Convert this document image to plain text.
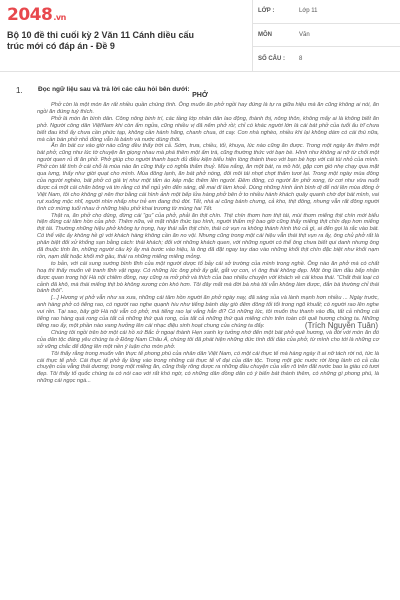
2048.vn
Bộ 10 đề thi cuối kỳ 2 Văn 11 Cánh diều cấu trúc mới có đáp án - Đề 9
LỚP :	Lớp 11
MÔN	Văn
SỐ CÂU :	8
1. Đọc ngữ liệu sau và trả lời các câu hỏi bên dưới:
PHỞ

Phở còn là một món ăn rất nhiều quần chúng tính. Ông muốn ăn phở ngồi hay đứng là tự ra giữa hiệu mà ăn cũng không ai nói, ăn ngồi ăn đứng tuỳ thích.

Phở là món ăn bình dân. Công nông binh trí, các tầng lớp nhân dân lao động, thành thị, nông thôn, không mấy ai là không biết ăn phở. Người công dân ViệtNam khi còn ẩm ngửa, cũng nhiều vị đã nếm phở rồi; chỉ có khác người lớn là cái bát phở của tuổi ấu trĩ chưa biết đau khổ ấy chưa cần phức tạp, không cần hành hăng, chanh chua, ớt cay. Con nhà nghèo, nhiều khi lại không dám có cái thú nữa, mà cần bán phở nhỏ đồng vẫn là bánh và nước dùng thôi.

Ăn ăn bát cư vào giờ nào cũng đều thấy trời cả. Sớm, trưa, chiều, tối, khuya, lúc nào cũng ăn được. Trong một ngày ăn thêm một bát phở, cũng như lúc tờ chuyện ăn giọng nhau mà phá thêm một ấm trà, cũng thường thức với bạn bè. Hình như không ai nỡ từ chối một người quen rủ đi ăn phở. Phở giúp cho người thanh bạch đủ điều kiện biểu hiện lòng thành theo với bạn bè hợp với cái túi nhỏ của mình. Phở còn tất tình ở cái chỗ là mùa nào ăn cũng thấy có nghĩa thấm thuỷ. Mùa nắng, ăn một bát, ra mồ hôi, gặp cơn gió nhẹ chạy qua mặt qua lưng, thấy như giời quạt cho mình. Mùa đông lạnh, ăn bát phở nóng, đôi môi tái nhợt chợt thấm tươi lại. Trong một ngày mùa đông của người nghèo, bát phở có giá trị như một tấm áo kép mặc thêm lên người. Đêm đông, có người ăn phở xong, từ cơi như vừa nuốt được cả một cái chăn bông và tin rằng có thể ngủ yên đến sáng, dễ mai đi làm khoẻ. Dùng những hình ảnh bình dị để nói lên mùa đông ở Việt Nam, tôi cho không gì nên thơ bằng cái hình ảnh một bếp lửa hàng phở bên ở to nhiều hành khách quây quanh chờ đợi bát mình, vai rụt xuống mộc nhĩ, người nhìn nhấp như trẻ em đang thú đời. Tết, nhà ai cũng bánh chưng, cả kho, thịt đông, nhưng vẫn rất đông người tình cờ mừng tuổi nhau ở những hiệu phở khai trương từ mùng hai Tết.

Thật ra, ăn phở cho đúng, đừng cái “gu” của phở, phải ăn thịt chín. Thịt chín thơm hơn thịt tái, mùi thơm miếng thịt chín mới biểu hiện đúng cái tâm hồn của phở. Thêm nữa, về mặt nhận thức tạo hình, người thẩm mỹ bao giờ cũng thấy miếng thịt chín đẹp hơn miếng thịt tái. Thường những hiệu phở không tự trọng, hay thái sẵn thịt chín, thái cứ vụn ra không thành hình thù cả gì, ai đến gọi là rắc vào bát. Có thể việc ấy không hề gì với khách hàng không cần ăn no vội. Nhưng cũng trong một cái hiệu vẫn thái thịt vụn ra ấy, ông chủ phở rất là phân biệt đối xử khổng sạn bằng cách: thái khách; đối với những khách quen, với những người có thể ông chưa biết qui danh nhưng ông đã thuộc tính ăn, những người câu kỳ ấy mà bước vào hiệu, là ông đã đặt ngay tay dao vào những khối thịt chín đặc biệt như khối nạm rồn, nạm dắt hoặc khối mỡ gầu, thái ra những miếng miếng mỏng.

to bản, với cái sung sướng bình tĩnh của một người dược tổ bảy cái sở trường của mình trong nghề. Ông nào ăn phở mà có chất hoạ thì thấy muốn vẽ tranh tĩnh vật ngay. Có những lúc ông phở ấy gắt, gắt vợ con, vì ông thái không đẹp. Một ông làm đầu bếp nhận được quan trong hội Hà nội chiêm đồng, nay cũng ra mở phở và thích của bao nhiêu chuyện với khách về cái khoa thái. “Chất thái loại có cảnh đã khô, mà thái miếng thịt bò không xương còn khó hơn. Tôi đây mất mà đời bà nhà tôi vẫn không làm được, đắn bà thường chỉ thái bánh thôi”.

[...] Hương vị phở vẫn như xa xưa, những cái tâm hồn người ăn phở ngày nay, đã sáng sủa và lành mạnh hơn nhiều ... Ngày trước, anh hàng phở có tiếng rao, có người rao nghe quạnh hiu như tiếng bánh dày giò đêm đông tối tối trong ngõ khuất; có người rao lên nghe vui rền. Tại sao, bây giờ Hà nội vẫn có phở, mà tiếng rao lại vắng hẳn đi? Có những lúc, tôi muốn thu thanh vào đĩa, tất cả những cái tiếng rao hàng quà rong của tất cả những thứ quà rong, của tất cả những thứ quà miếng chín trên toàn cõi quê hương chúng ta. Những tiếng rao ấy, một phần nào vang hưởng lên cái nhạc điệu sinh hoạt chung của chúng ta đấy.

Chúng tôi ngồi trên bờ một cái hồ xứ Bắc ở ngoại thành Hẹn xanh ky tưởng nhớ đến một bát phở quê hương, và đời với món ăn đó của dân tộc đáng yêu chúng ta ở Đông Nam Châu Á, chúng tôi đã phát hiện những đức tính đối đáo của phở, từ mình cho tới là những cơ sở vững chắc để động lên một nền ý luận cho món phở.

Tôi thấy rằng trong muốn văn thực tế phong phú của nhân dân Việt Nam, có một cái thực tế mà hàng ngày ít ai nỡ tách rời nó, tức là cái thực tế phở. Cái thực tế phở ấy lồng vào trong những cái thực tế vĩ đại của dân tộc. Trong một góc nước rời lòng lành có cả câu chuyện của vẫng thái dương; trong một miếng ăn, cũng thấy rõng được ra những đầu chuyện của vẫn rõ trên đất nước bao la giàu có tươi đẹp. Tôi thấy tổ quốc chúng ta có nói cao với rất khó ngờ, có những dân đồng dân có ý biến bát thành thêm, có những gì phong phú, là những cái ngọc ngà...

(Trích Nguyễn Tuân)
